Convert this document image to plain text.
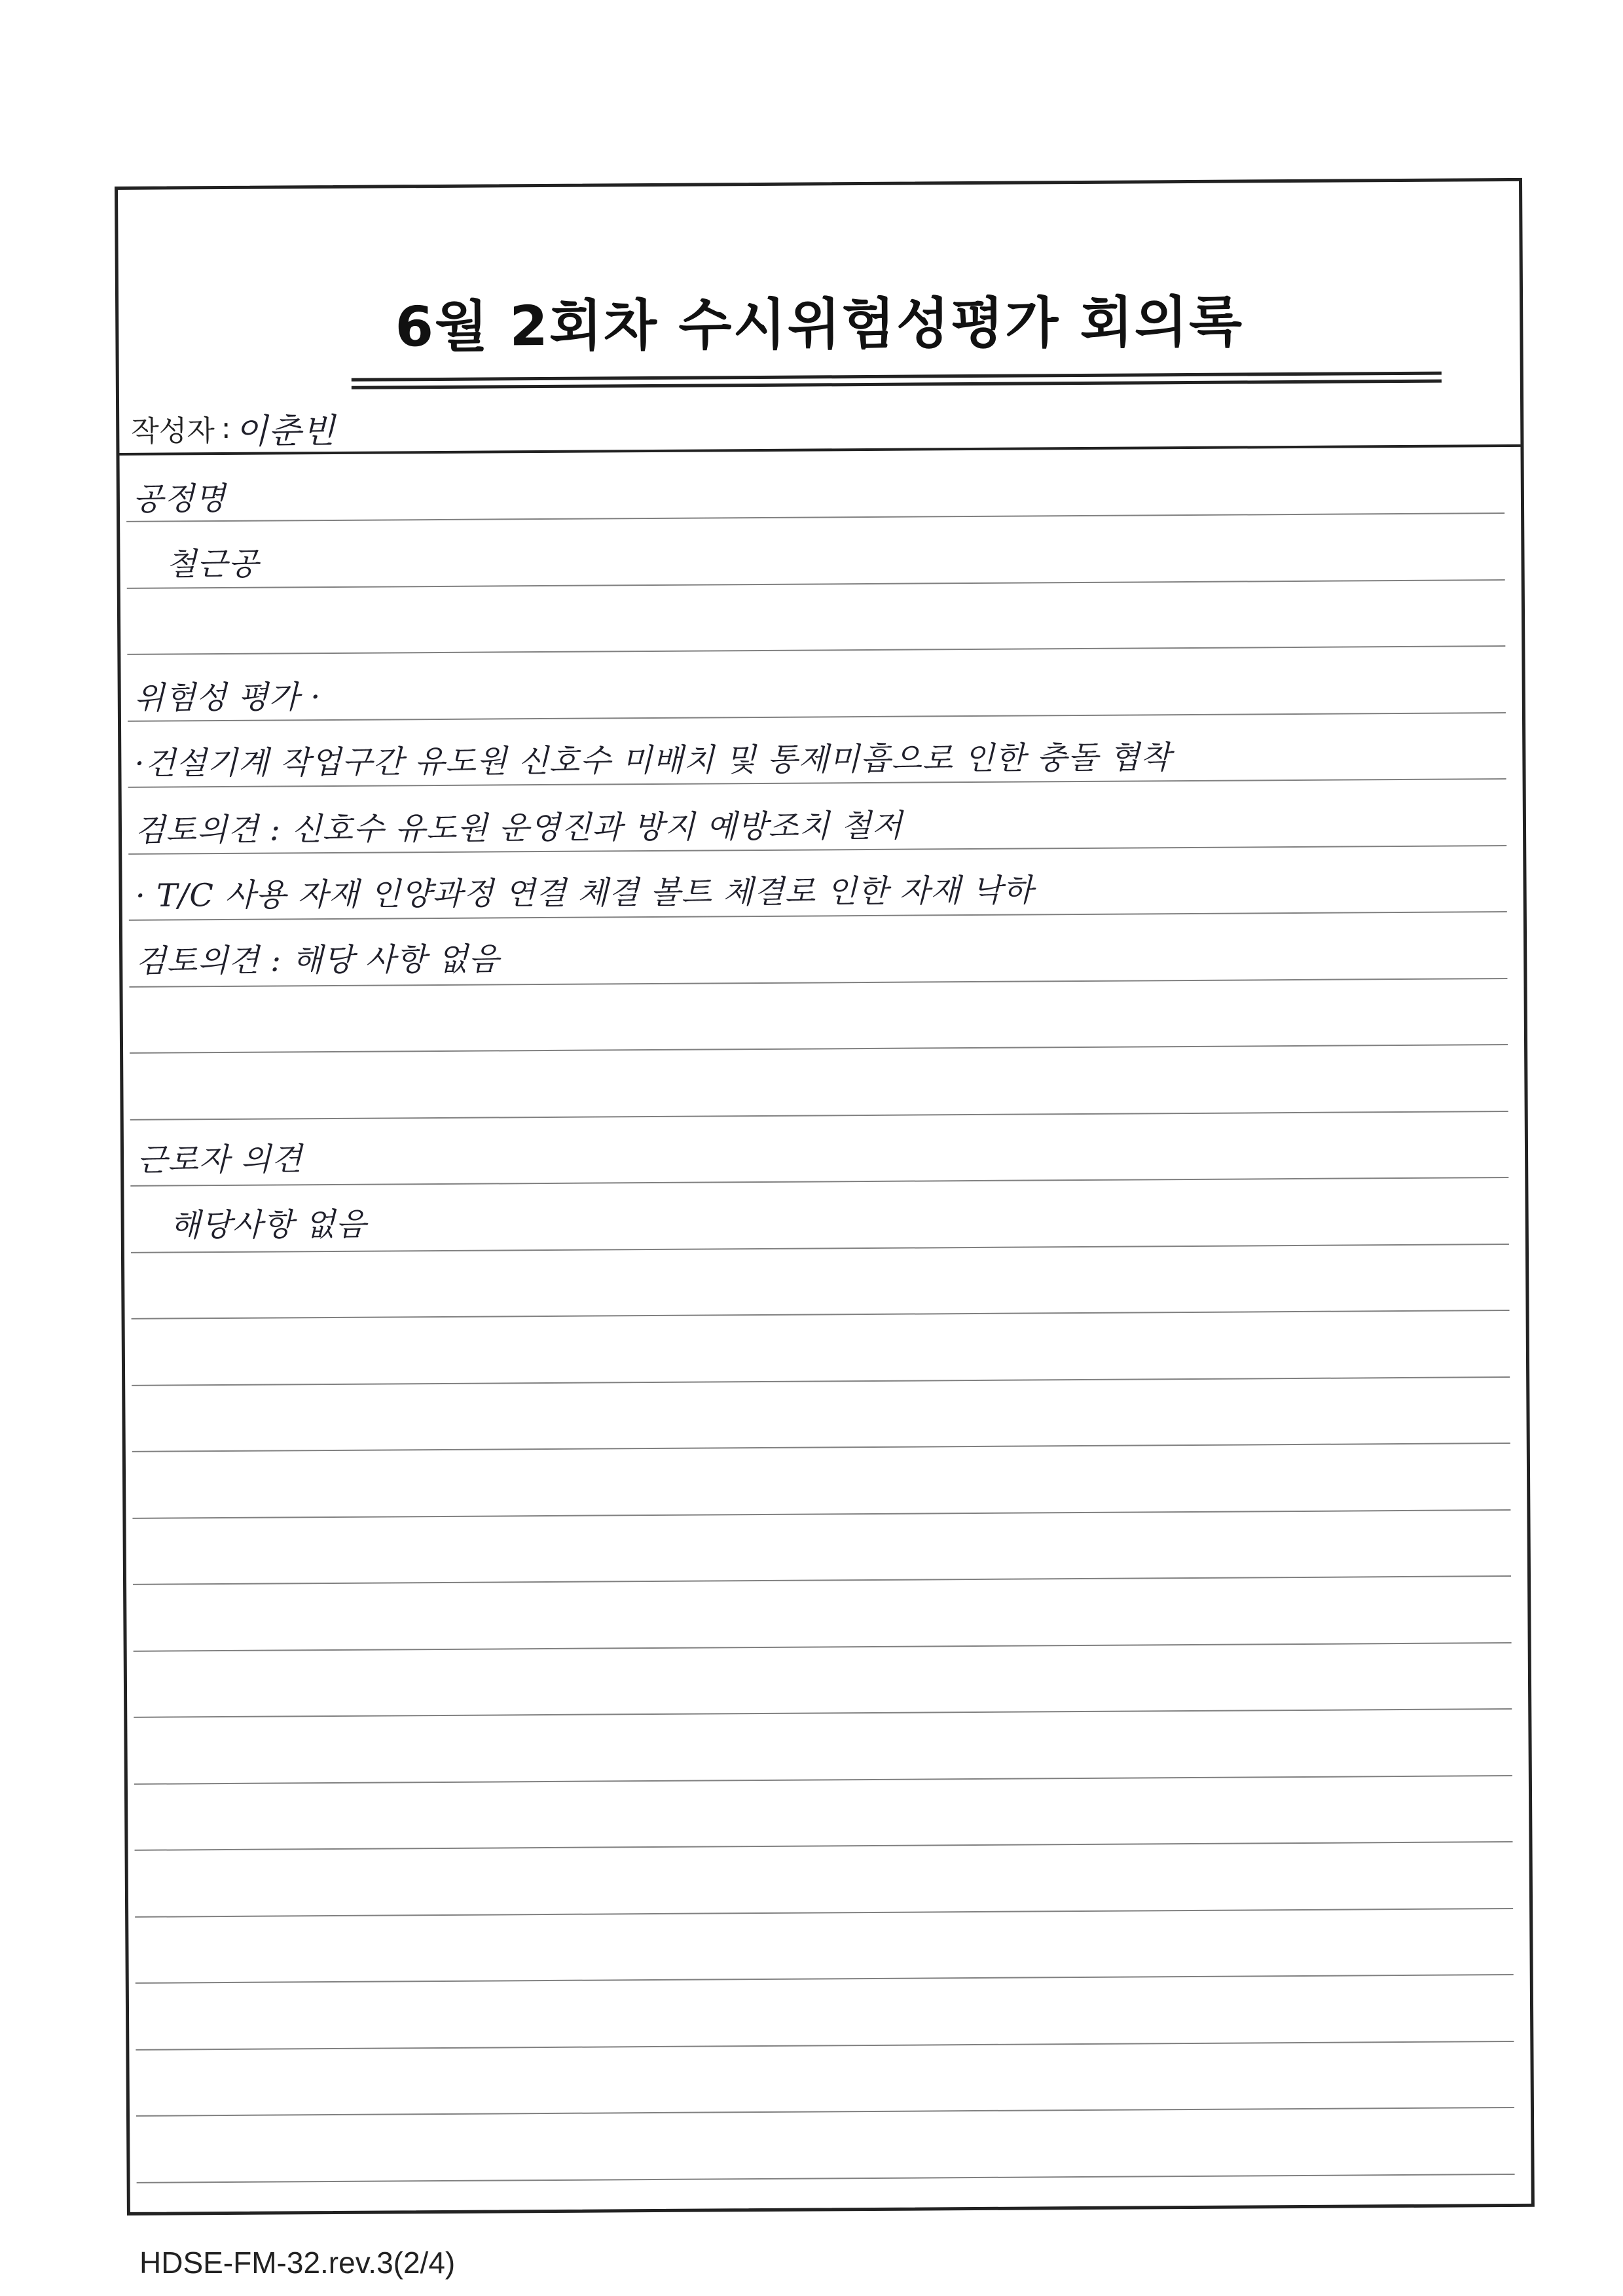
6월 2회차 수시위험성평가 회의록
작성자 : 이춘빈
공정명
철근공
위험성 평가 ·
·건설기계 작업구간 유도원 신호수 미배치 및 통제미흡으로 인한 충돌 협착
검토의견 : 신호수 유도원 운영진과 방지 예방조치 철저
· T/C 사용 자재 인양과정 연결 체결 볼트 체결로 인한 자재 낙하
검토의견 : 해당 사항 없음
근로자 의견
해당사항 없음
HDSE-FM-32.rev.3(2/4)
